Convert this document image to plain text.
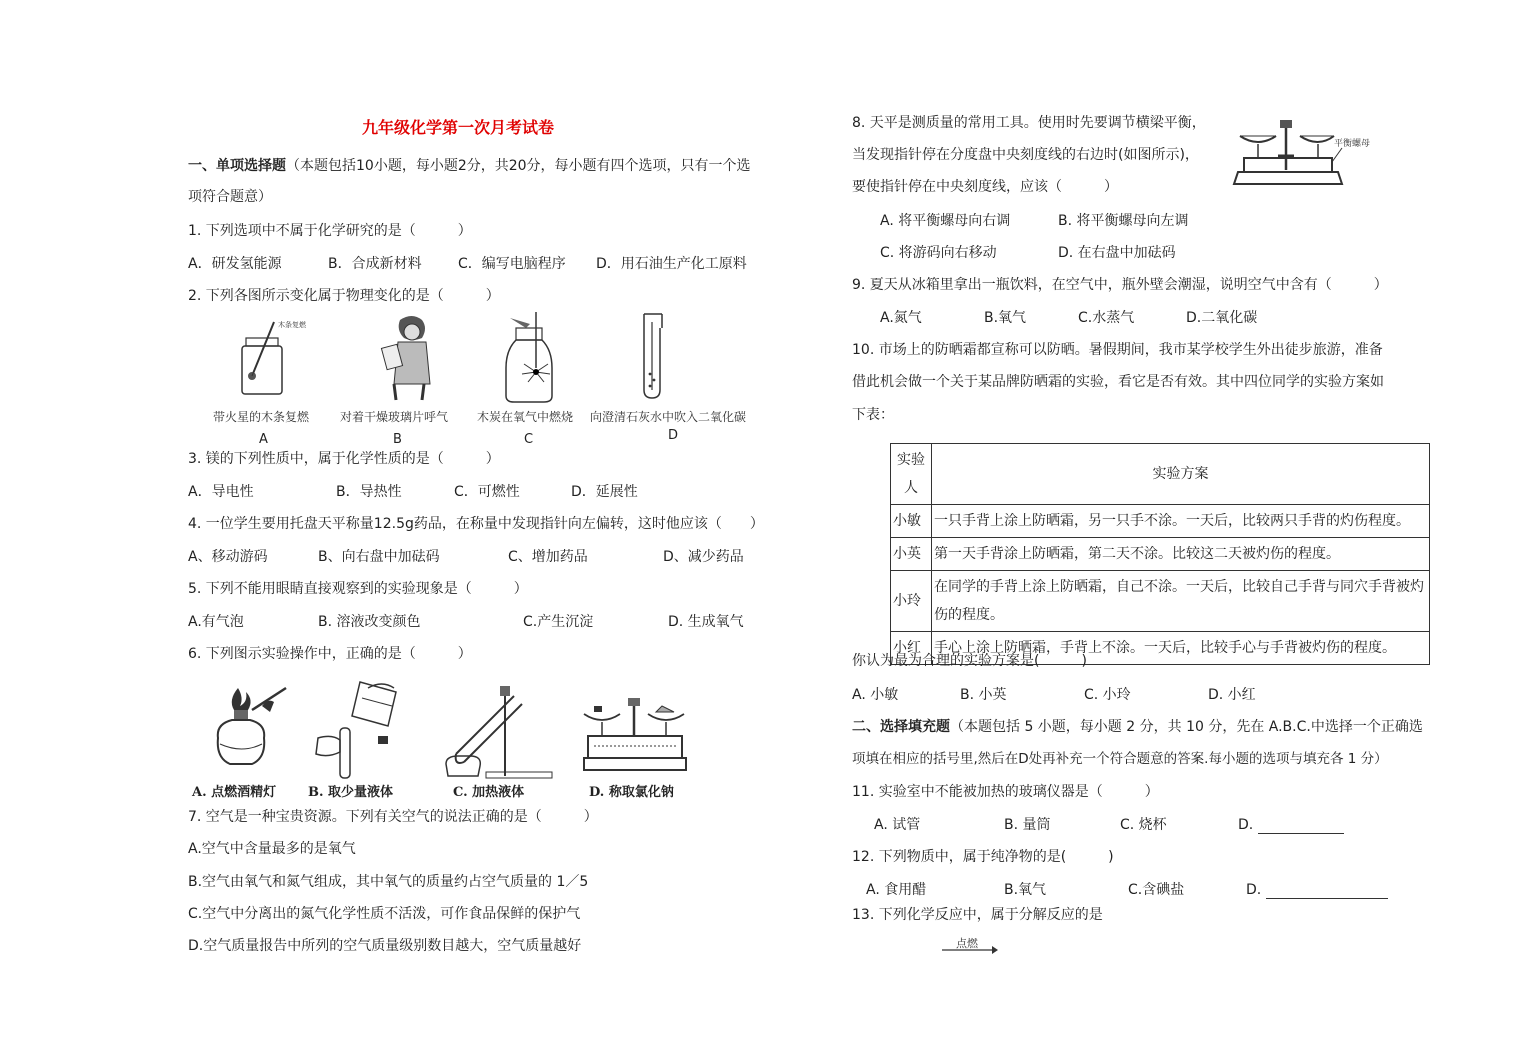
九年级化学第一次月考试卷
一、单项选择题（本题包括10小题，每小题2分，共20分，每小题有四个选项，只有一个选
项符合题意）
1. 下列选项中不属于化学研究的是（　　　）
A．研发氢能源	B．合成新材料	C．编写电脑程序 D．用石油生产化工原料
2. 下列各图所示变化属于物理变化的是（　　　）
木条复燃
带火星的木条复燃
A
对着干燥玻璃片呼气
B
木炭在氧气中燃烧
C
向澄清石灰水中吹入二氧化碳
D
3. 镁的下列性质中，属于化学性质的是（　　　）
A．导电性	B．导热性	C．可燃性	D．延展性
4. 一位学生要用托盘天平称量12.5g药品，在称量中发现指针向左偏转，这时他应该（　　）
A、移动游码	B、向右盘中加砝码	C、增加药品	D、减少药品
5. 下列不能用眼睛直接观察到的实验现象是（　　　）
A.有气泡	B. 溶液改变颜色	C.产生沉淀	D. 生成氧气
6. 下列图示实验操作中，正确的是（　　　）
A. 点燃酒精灯 B. 取少量液体	C. 加热液体	D. 称取氯化钠
7. 空气是一种宝贵资源。下列有关空气的说法正确的是（　　　）
A.空气中含量最多的是氧气
B.空气由氧气和氮气组成，其中氧气的质量约占空气质量的 1／5
C.空气中分离出的氮气化学性质不活泼，可作食品保鲜的保护气
D.空气质量报告中所列的空气质量级别数目越大，空气质量越好
8. 天平是测质量的常用工具。使用时先要调节横梁平衡，
当发现指针停在分度盘中央刻度线的右边时(如图所示)，
要使指针停在中央刻度线，应该（　　　）
平衡螺母
A. 将平衡螺母向右调	B. 将平衡螺母向左调
C. 将游码向右移动	D. 在右盘中加砝码
9. 夏天从冰箱里拿出一瓶饮料，在空气中，瓶外壁会潮湿，说明空气中含有（　　　）
A.氮气	B.氧气	C.水蒸气	D.二氧化碳
10. 市场上的防晒霜都宣称可以防晒。暑假期间，我市某学校学生外出徒步旅游，准备
借此机会做一个关于某品牌防晒霜的实验，看它是否有效。其中四位同学的实验方案如
下表：
实验人	实验方案
小敏	一只手背上涂上防晒霜，另一只手不涂。一天后，比较两只手背的灼伤程度。
小英	第一天手背涂上防晒霜，第二天不涂。比较这二天被灼伤的程度。
小玲	在同学的手背上涂上防晒霜，自己不涂。一天后，比较自己手背与同穴手背被灼伤的程度。
小红	手心上涂上防晒霜，手背上不涂。一天后，比较手心与手背被灼伤的程度。
你认为最为合理的实验方案是(　　　)
A. 小敏	B. 小英	C. 小玲	D. 小红
二、选择填充题（本题包括 5 小题，每小题 2 分，共 10 分，先在 A.B.C.中选择一个正确选
项填在相应的括号里,然后在D处再补充一个符合题意的答案.每小题的选项与填充各 1 分）
11. 实验室中不能被加热的玻璃仪器是（　　　）
A. 试管	B. 量筒	C. 烧杯	D.
12. 下列物质中，属于纯净物的是(　　　)
A. 食用醋	B.氧气	C.含碘盐	D.
13. 下列化学反应中，属于分解反应的是
点燃
